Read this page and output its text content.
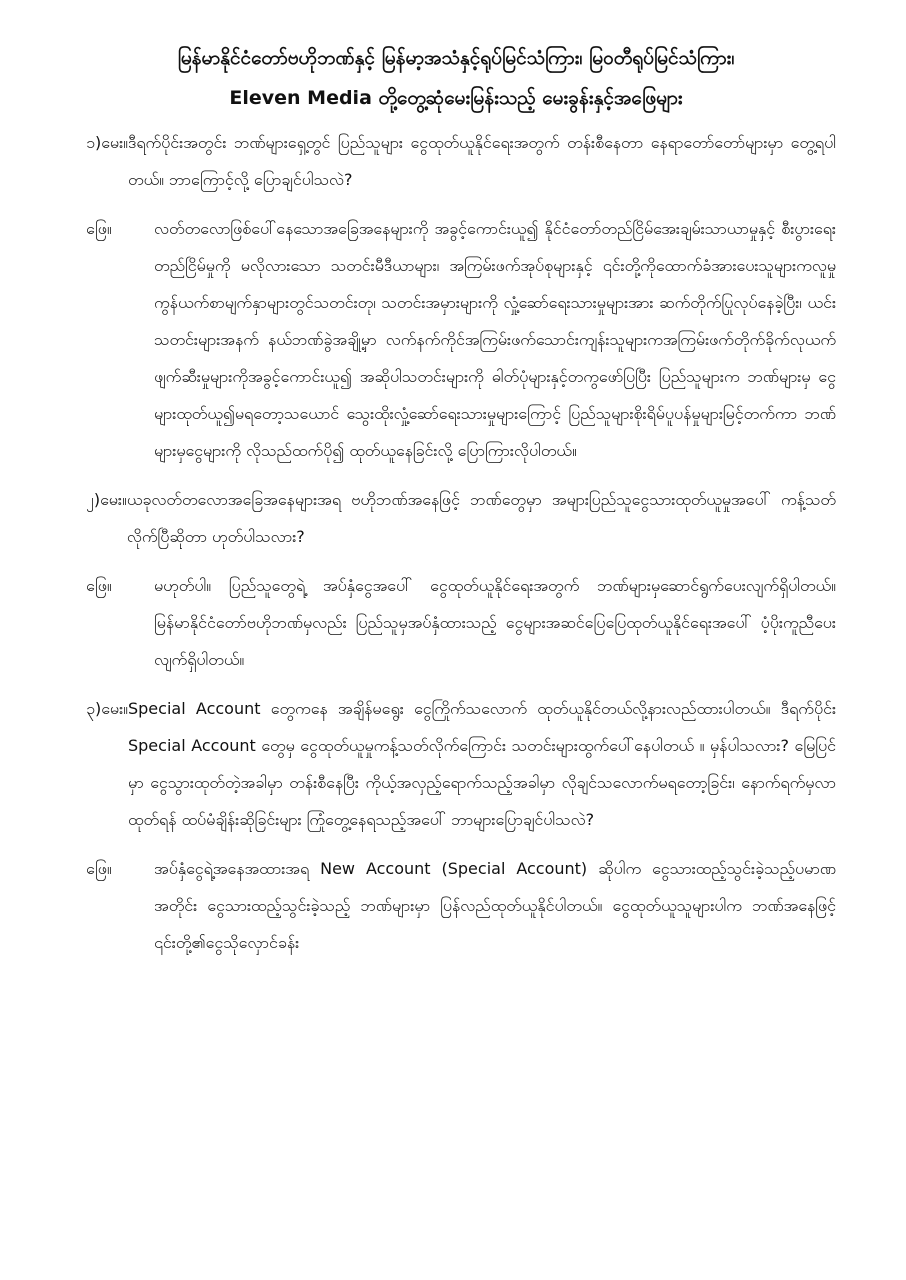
မြန်မာနိုင်ငံတော်ဗဟိုဘဏ်နှင့် မြန်မာ့အသံနှင့်ရုပ်မြင်သံကြား၊ မြဝတီရုပ်မြင်သံကြား၊
Eleven Media တို့တွေ့ဆုံမေးမြန်းသည့် မေးခွန်းနှင့်အဖြေများ
၁)မေး။ ဒီရက်ပိုင်းအတွင်း ဘဏ်များရှေ့တွင် ပြည်သူများ ငွေထုတ်ယူနိုင်ရေးအတွက် တန်းစီနေတာ နေရာတော်တော်များမှာ တွေ့ရပါတယ်။ ဘာကြောင့်လို့ ပြောချင်ပါသလဲ?
ဖြေ။	လတ်တလောဖြစ်ပေါ်နေသောအခြေအနေများကို အခွင့်ကောင်းယူ၍ နိုင်ငံတော်တည်ငြိမ်အေးချမ်းသာယာမှုနှင့် စီးပွားရေးတည်ငြိမ်မှုကို မလိုလားသော သတင်းမီဒီယာများ၊ အကြမ်းဖက်အုပ်စုများနှင့် ၎င်းတို့ကိုထောက်ခံအားပေးသူများကလူမှုကွန်ယက်စာမျက်နှာများတွင်သတင်းတု၊ သတင်းအမှားများကို လှုံ့ဆော်ရေးသားမှုများအား ဆက်တိုက်ပြုလုပ်နေခဲ့ပြီး၊ ယင်းသတင်းများအနက် နယ်ဘဏ်ခွဲအချို့မှာ လက်နက်ကိုင်အကြမ်းဖက်သောင်းကျန်းသူများကအကြမ်းဖက်တိုက်ခိုက်လုယက်ဖျက်ဆီးမှုများကိုအခွင့်ကောင်းယူ၍ အဆိုပါသတင်းများကို ဓါတ်ပုံများနှင့်တကွဖော်ပြပြီး ပြည်သူများက ဘဏ်များမှ ငွေများထုတ်ယူ၍မရတော့သယောင် သွေးထိုးလှုံ့ဆော်ရေးသားမှုများကြောင့် ပြည်သူများစိုးရိမ်ပူပန်မှုများမြင့်တက်ကာ ဘဏ်များမှငွေများကို လိုသည်ထက်ပို၍ ထုတ်ယူနေခြင်းလို့ ပြောကြားလိုပါတယ်။
၂)မေး။ ယခုလတ်တလောအခြေအနေများအရ ဗဟိုဘဏ်အနေဖြင့် ဘဏ်တွေမှာ အများပြည်သူငွေသားထုတ်ယူမှုအပေါ် ကန့်သတ်လိုက်ပြီဆိုတာ ဟုတ်ပါသလား?
ဖြေ။	မဟုတ်ပါ။ ပြည်သူတွေရဲ့ အပ်နှံငွေအပေါ် ငွေထုတ်ယူနိုင်ရေးအတွက် ဘဏ်များမှဆောင်ရွက်ပေးလျက်ရှိပါတယ်။ မြန်မာနိုင်ငံတော်ဗဟိုဘဏ်မှလည်း ပြည်သူမှအပ်နှံထားသည့် ငွေများအဆင်ပြေပြေထုတ်ယူနိုင်ရေးအပေါ် ပံ့ပိုးကူညီပေးလျက်ရှိပါတယ်။
၃)မေး။ Special Account တွေကနေ အချိန်မရွေး ငွေကြိုက်သလောက် ထုတ်ယူနိုင်တယ်လို့နားလည်ထားပါတယ်။ ဒီရက်ပိုင်း Special Account တွေမှ ငွေထုတ်ယူမှုကန့်သတ်လိုက်ကြောင်း သတင်းများထွက်ပေါ်နေပါတယ် ။ မှန်ပါသလား? မြေပြင်မှာ ငွေသွားထုတ်တဲ့အခါမှာ တန်းစီနေပြီး ကိုယ့်အလှည့်ရောက်သည့်အခါမှာ လိုချင်သလောက်မရတော့ခြင်း၊ နောက်ရက်မှလာထုတ်ရန် ထပ်မံချိန်းဆိုခြင်းများ ကြုံတွေ့နေရသည့်အပေါ် ဘာများပြောချင်ပါသလဲ?
ဖြေ။	အပ်နှံငွေရဲ့အနေအထားအရ New Account (Special Account) ဆိုပါက ငွေသားထည့်သွင်းခဲ့သည့်ပမာဏအတိုင်း ငွေသားထည့်သွင်းခဲ့သည့် ဘဏ်များမှာ ပြန်လည်ထုတ်ယူနိုင်ပါတယ်။ ငွေထုတ်ယူသူများပါက ဘဏ်အနေဖြင့် ၎င်းတို့၏ငွေသိုလှောင်ခန်း
